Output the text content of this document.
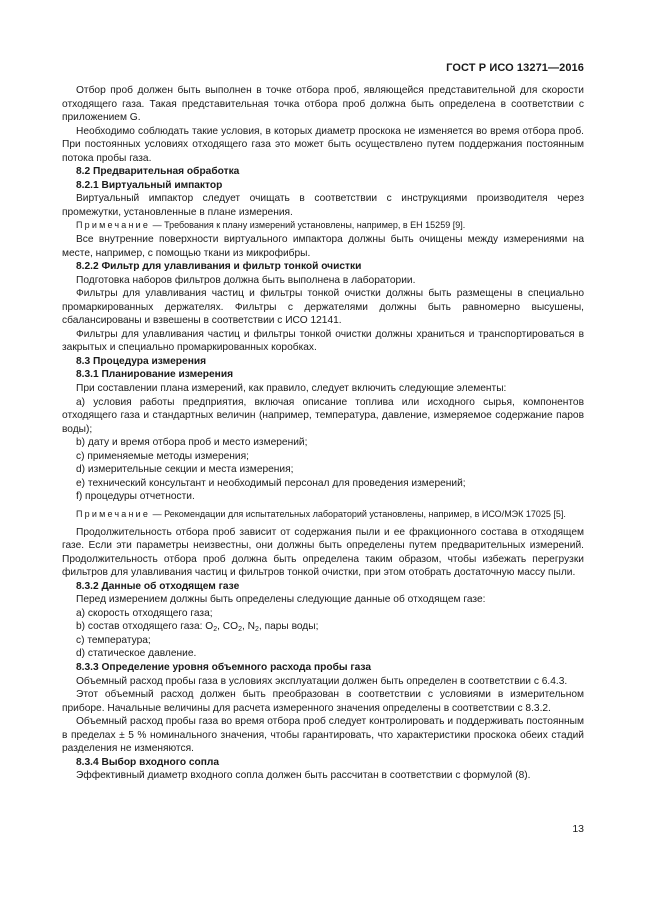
ГОСТ Р ИСО 13271—2016

Отбор проб должен быть выполнен в точке отбора проб, являющейся представительной для скорости отходящего газа. Такая представительная точка отбора проб должна быть определена в соответствии с приложением G.

Необходимо соблюдать такие условия, в которых диаметр проскока не изменяется во время отбора проб. При постоянных условиях отходящего газа это может быть осуществлено путем поддержания постоянным потока пробы газа.

8.2 Предварительная обработка

8.2.1 Виртуальный импактор

Виртуальный импактор следует очищать в соответствии с инструкциями производителя через промежутки, установленные в плане измерения.

Примечание — Требования к плану измерений установлены, например, в ЕН 15259 [9].

Все внутренние поверхности виртуального импактора должны быть очищены между измерениями на месте, например, с помощью ткани из микрофибры.

8.2.2 Фильтр для улавливания и фильтр тонкой очистки

Подготовка наборов фильтров должна быть выполнена в лаборатории.

Фильтры для улавливания частиц и фильтры тонкой очистки должны быть размещены в специально промаркированных держателях. Фильтры с держателями должны быть равномерно высушены, сбалансированы и взвешены в соответствии с ИСО 12141.

Фильтры для улавливания частиц и фильтры тонкой очистки должны храниться и транспортироваться в закрытых и специально промаркированных коробках.

8.3 Процедура измерения

8.3.1 Планирование измерения

При составлении плана измерений, как правило, следует включить следующие элементы:

a) условия работы предприятия, включая описание топлива или исходного сырья, компонентов отходящего газа и стандартных величин (например, температура, давление, измеряемое содержание паров воды);

b) дату и время отбора проб и место измерений;

c) применяемые методы измерения;

d) измерительные секции и места измерения;

e) технический консультант и необходимый персонал для проведения измерений;

f) процедуры отчетности.

Примечание — Рекомендации для испытательных лабораторий установлены, например, в ИСО/МЭК 17025 [5].

Продолжительность отбора проб зависит от содержания пыли и ее фракционного состава в отходящем газе. Если эти параметры неизвестны, они должны быть определены путем предварительных измерений. Продолжительность отбора проб должна быть определена таким образом, чтобы избежать перегрузки фильтров для улавливания частиц и фильтров тонкой очистки, при этом отобрать достаточную массу пыли.

8.3.2 Данные об отходящем газе

Перед измерением должны быть определены следующие данные об отходящем газе:

a) скорость отходящего газа;

b) состав отходящего газа: $O_2$, $CO_2$, $N_2$, пары воды;

c) температура;

d) статическое давление.

8.3.3 Определение уровня объемного расхода пробы газа

Объемный расход пробы газа в условиях эксплуатации должен быть определен в соответствии с 6.4.3.

Этот объемный расход должен быть преобразован в соответствии с условиями в измерительном приборе. Начальные величины для расчета измеренного значения определены в соответствии с 8.3.2.

Объемный расход пробы газа во время отбора проб следует контролировать и поддерживать постоянным в пределах ± 5 % номинального значения, чтобы гарантировать, что характеристики проскока обеих стадий разделения не изменяются.

8.3.4 Выбор входного сопла

Эффективный диаметр входного сопла должен быть рассчитан в соответствии с формулой (8).

13
